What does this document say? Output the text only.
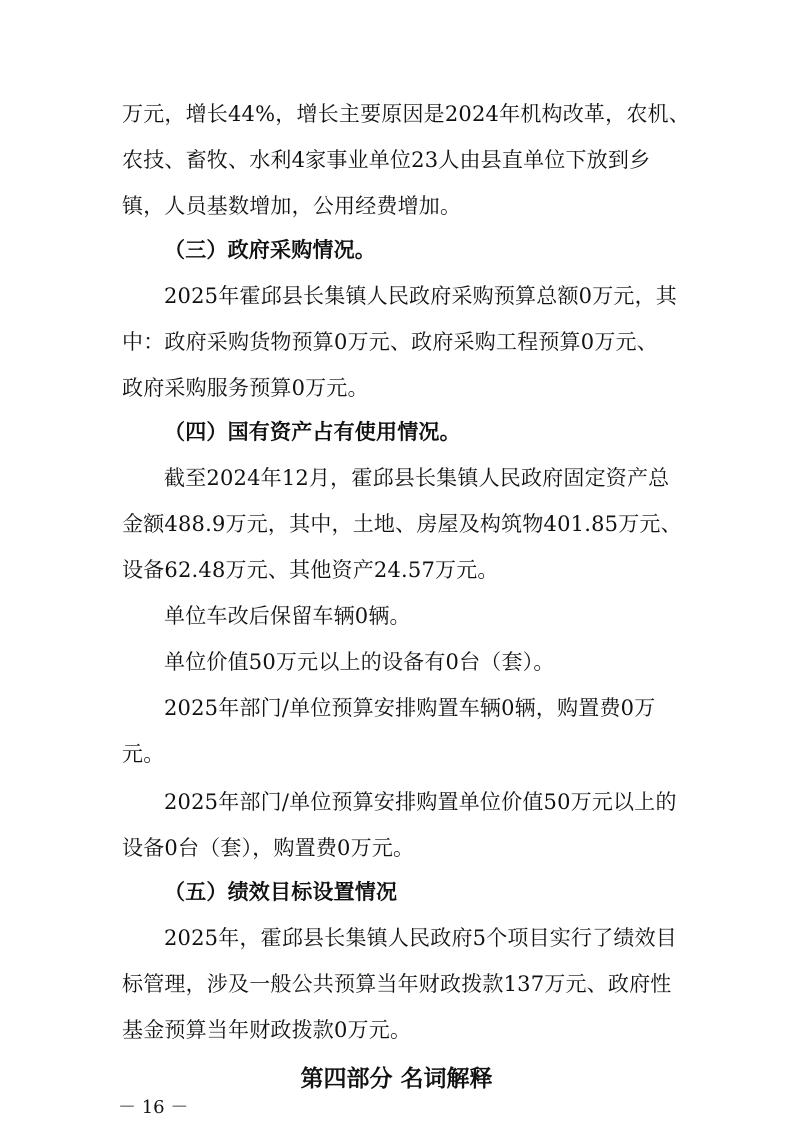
万元，增长44%，增长主要原因是2024年机构改革，农机、
农技、畜牧、水利4家事业单位23人由县直单位下放到乡
镇，人员基数增加，公用经费增加。
（三）政府采购情况。
2025年霍邱县长集镇人民政府采购预算总额0万元，其
中：政府采购货物预算0万元、政府采购工程预算0万元、
政府采购服务预算0万元。
（四）国有资产占有使用情况。
截至2024年12月，霍邱县长集镇人民政府固定资产总
金额488.9万元，其中，土地、房屋及构筑物401.85万元、
设备62.48万元、其他资产24.57万元。
单位车改后保留车辆0辆。
单位价值50万元以上的设备有0台（套）。
2025年部门/单位预算安排购置车辆0辆，购置费0万
元。
2025年部门/单位预算安排购置单位价值50万元以上的
设备0台（套），购置费0万元。
（五）绩效目标设置情况
2025年，霍邱县长集镇人民政府5个项目实行了绩效目
标管理，涉及一般公共预算当年财政拨款137万元、政府性
基金预算当年财政拨款0万元。
第四部分 名词解释
－ 16 －
